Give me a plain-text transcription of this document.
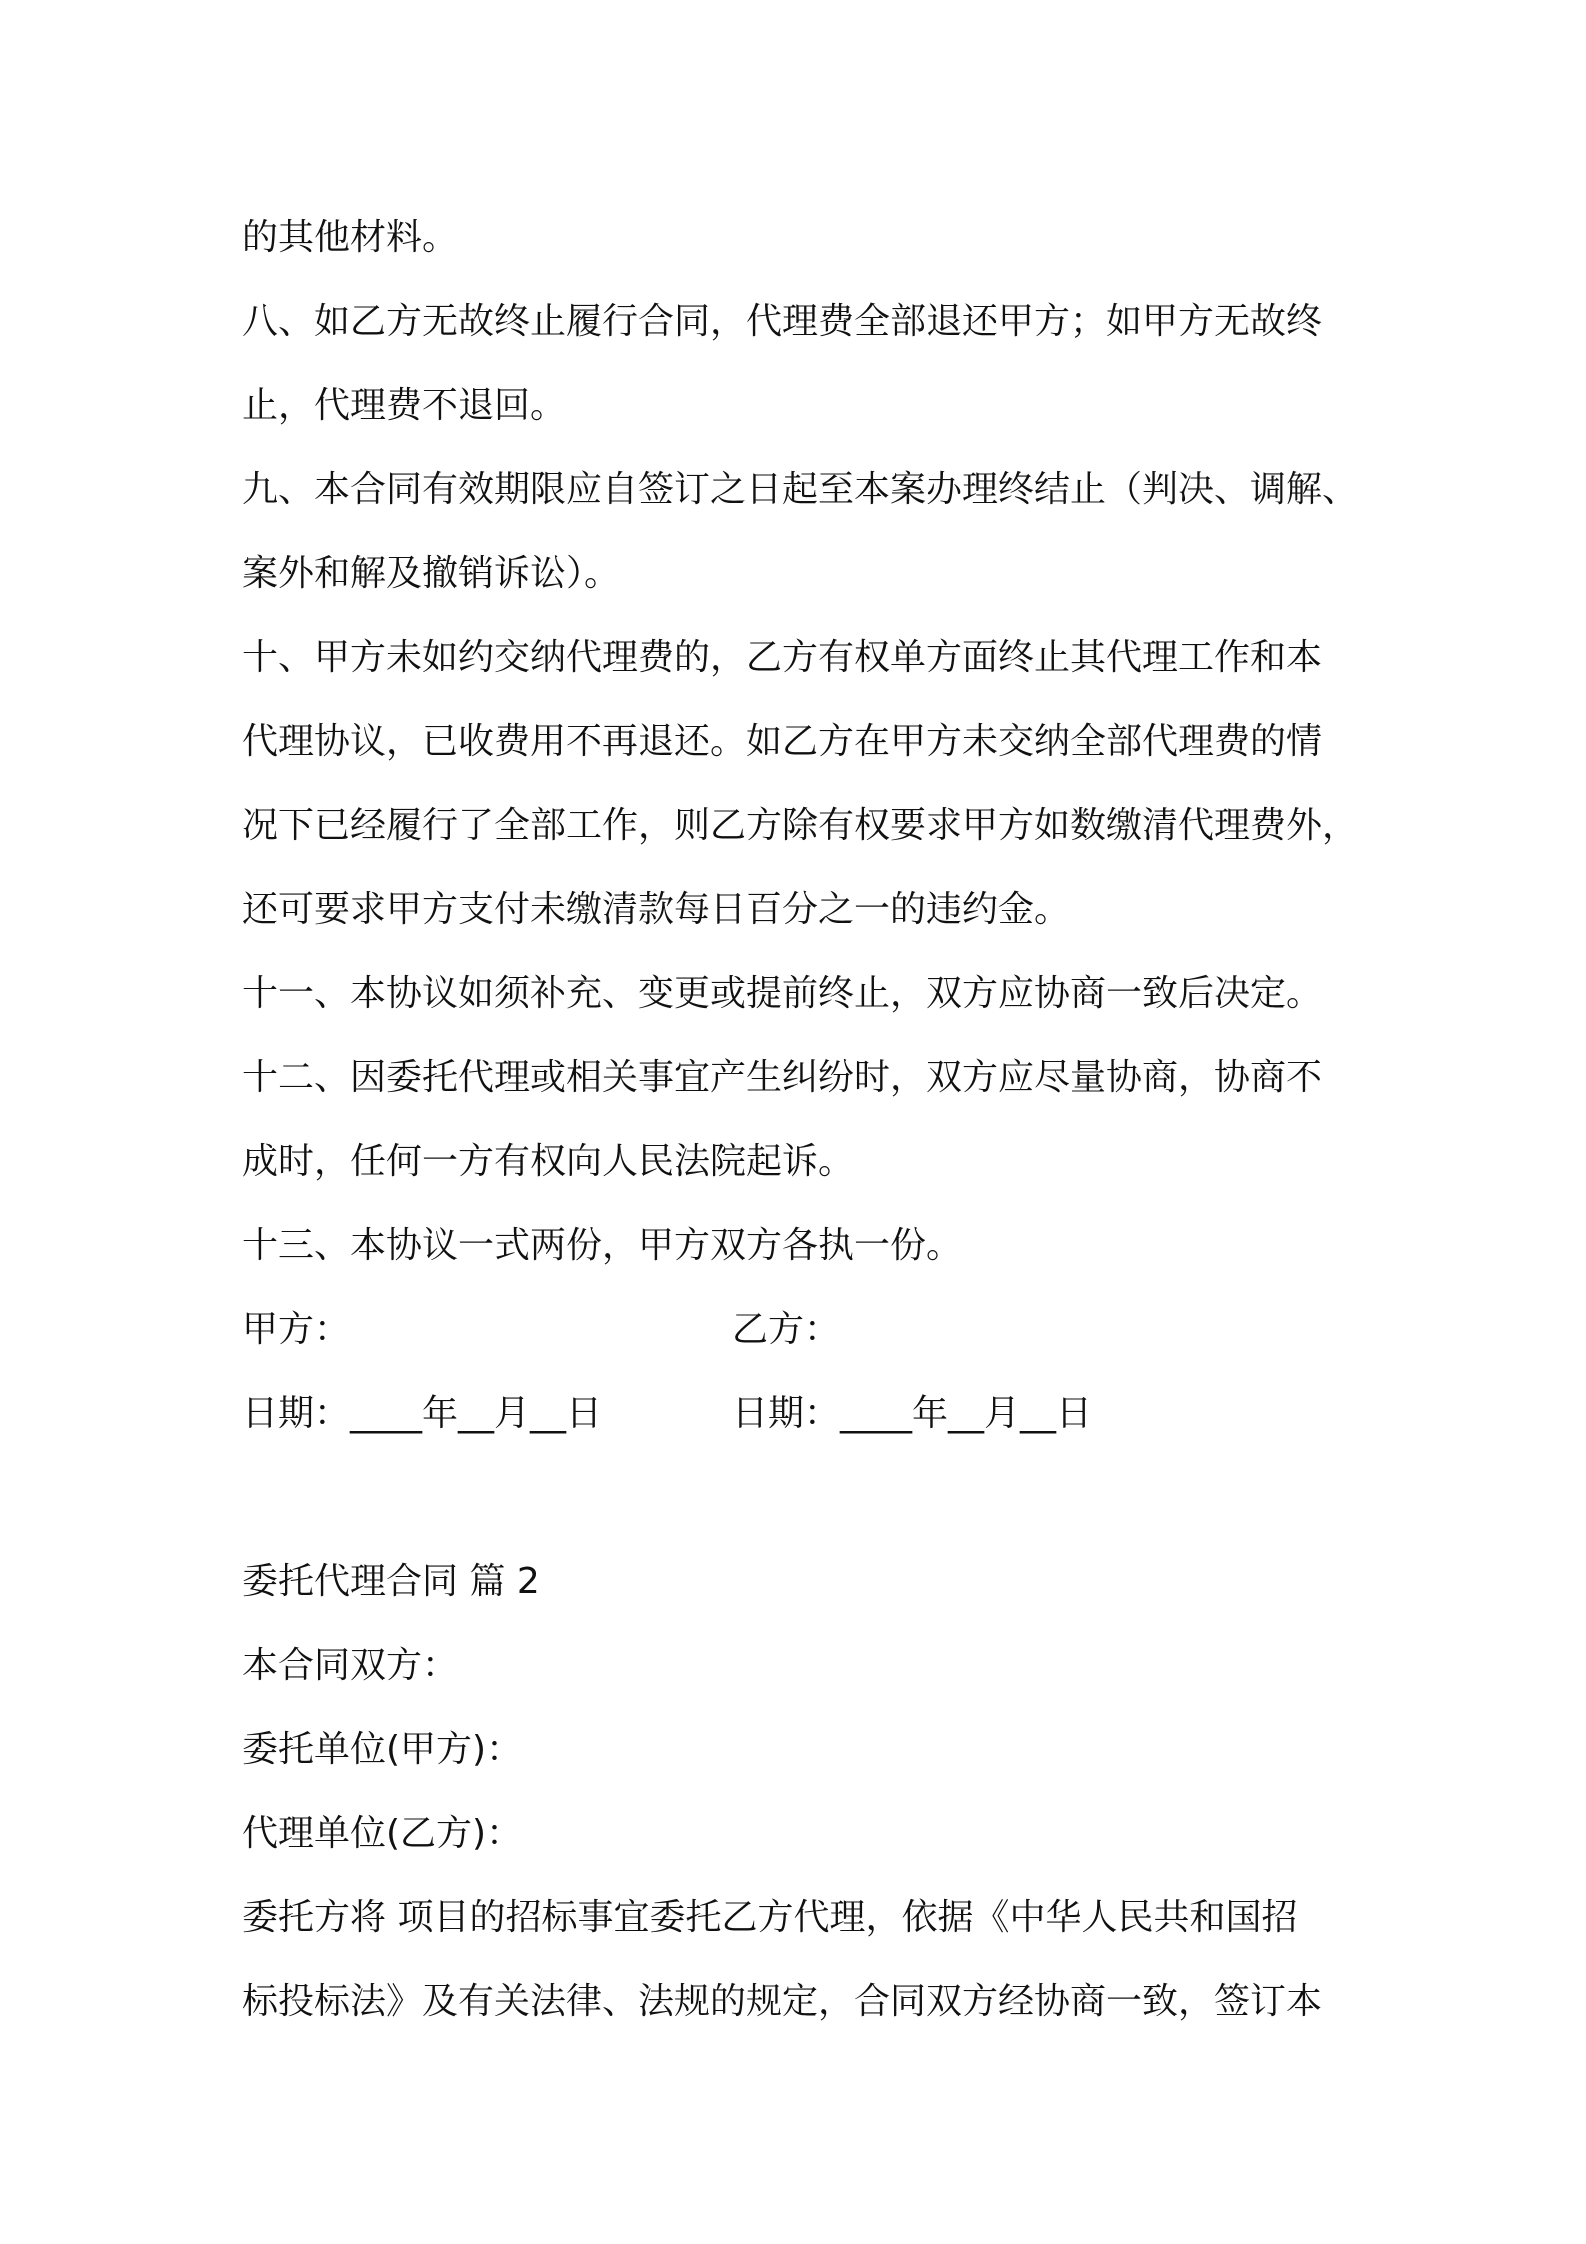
的其他材料。
八、如乙方无故终止履行合同，代理费全部退还甲方；如甲方无故终
止，代理费不退回。
九、本合同有效期限应自签订之日起至本案办理终结止（判决、调解、
案外和解及撤销诉讼）。
十、甲方未如约交纳代理费的，乙方有权单方面终止其代理工作和本
代理协议，已收费用不再退还。如乙方在甲方未交纳全部代理费的情
况下已经履行了全部工作，则乙方除有权要求甲方如数缴清代理费外，
还可要求甲方支付未缴清款每日百分之一的违约金。
十一、本协议如须补充、变更或提前终止，双方应协商一致后决定。
十二、因委托代理或相关事宜产生纠纷时，双方应尽量协商，协商不
成时，任何一方有权向人民法院起诉。
十三、本协议一式两份，甲方双方各执一份。
甲方：	乙方：
日期：____年__月__日	日期：____年__月__日
委托代理合同 篇 2
本合同双方：
委托单位(甲方)：
代理单位(乙方)：
委托方将 项目的招标事宜委托乙方代理，依据《中华人民共和国招
标投标法》及有关法律、法规的规定，合同双方经协商一致，签订本
